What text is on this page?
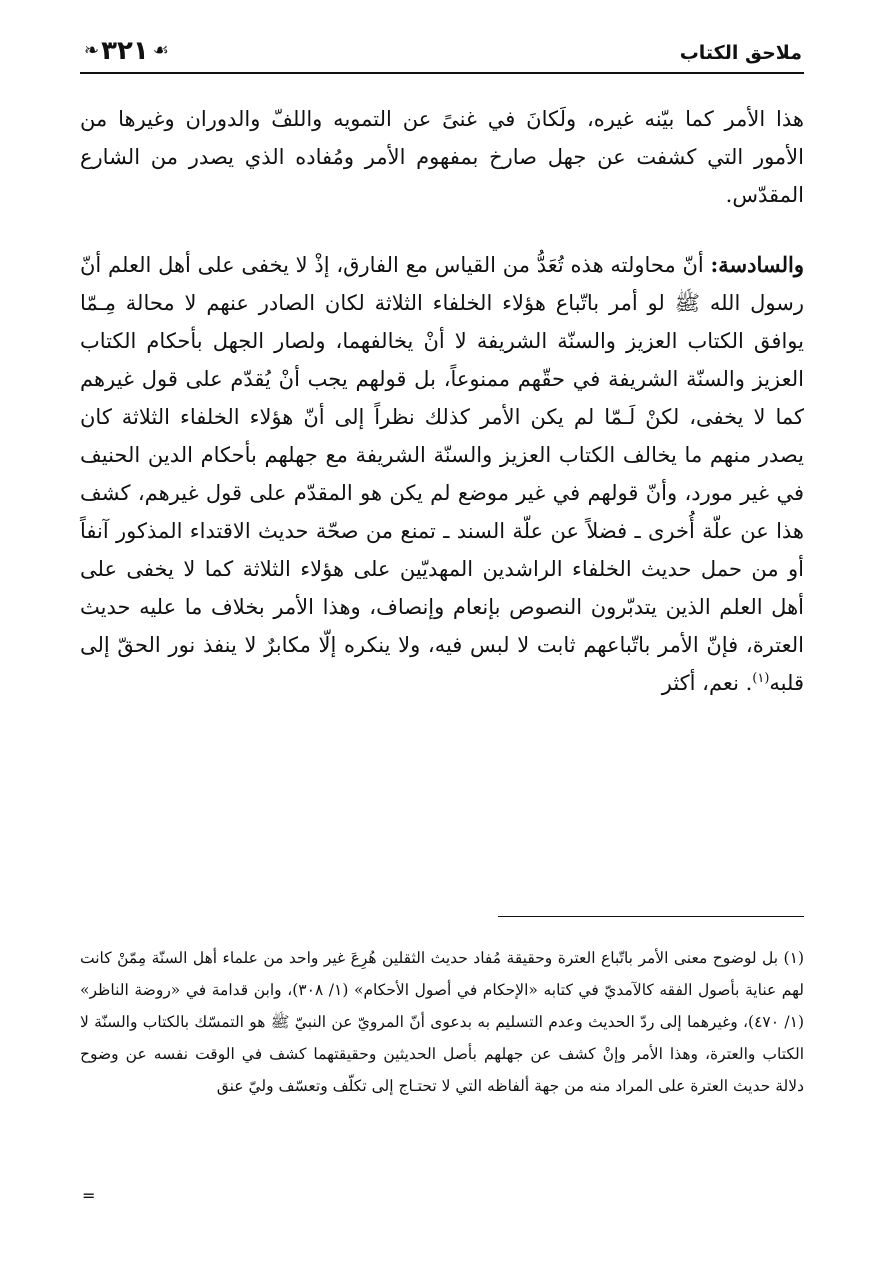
❧ ٣٢١ ☙	ملاحق الكتاب

هذا الأمر كما بيّنه غيره، ولَكانَ في غنىً عن التمويه واللفّ والدوران وغيرها من الأمور التي كشفت عن جهل صارخ بمفهوم الأمر ومُفاده الذي يصدر من الشارع المقدّس.

والسادسة: أنّ محاولته هذه تُعَدُّ من القياس مع الفارق، إذْ لا يخفى على أهل العلم أنّ رسول الله ﷺ لو أمر باتّباع هؤلاء الخلفاء الثلاثة لكان الصادر عنهم لا محالة مِـمّا يوافق الكتاب العزيز والسنّة الشريفة لا أنْ يخالفهما، ولصار الجهل بأحكام الكتاب العزيز والسنّة الشريفة في حقّهم ممنوعاً، بل قولهم يجب أنْ يُقدّم على قول غيرهم كما لا يخفى، لكنْ لَـمّا لم يكن الأمر كذلك نظراً إلى أنّ هؤلاء الخلفاء الثلاثة كان يصدر منهم ما يخالف الكتاب العزيز والسنّة الشريفة مع جهلهم بأحكام الدين الحنيف في غير مورد، وأنّ قولهم في غير موضع لم يكن هو المقدّم على قول غيرهم، كشف هذا عن علّة أُخرى ـ فضلاً عن علّة السند ـ تمنع من صحّة حديث الاقتداء المذكور آنفاً أو من حمل حديث الخلفاء الراشدين المهديّين على هؤلاء الثلاثة كما لا يخفى على أهل العلم الذين يتدبّرون النصوص بإنعام وإنصاف، وهذا الأمر بخلاف ما عليه حديث العترة، فإنّ الأمر باتّباعهم ثابت لا لبس فيه، ولا ينكره إلّا مكابرٌ لا ينفذ نور الحقّ إلى قلبه$^{(١)}$. نعم، أكثر

(١) بل لوضوح معنى الأمر باتّباع العترة وحقيقة مُفاد حديث الثقلين هُرِعَ غير واحد من علماء أهل السنّة مِمّنْ كانت لهم عناية بأصول الفقه كالآمديّ في كتابه «الإحكام في أصول الأحكام» (١/ ٣٠٨)، وابن قدامة في «روضة الناظر» (١/ ٤٧٠)، وغيرهما إلى ردّ الحديث وعدم التسليم به بدعوى أنّ المرويّ عن النبيّ ﷺ هو التمسّك بالكتاب والسنّة لا الكتاب والعترة، وهذا الأمر وإنْ كشف عن جهلهم بأصل الحديثين وحقيقتهما كشف في الوقت نفسه عن وضوح دلالة حديث العترة على المراد منه من جهة ألفاظه التي لا تحتـاج إلى تكلّف وتعسّف وليّ عنق

=
